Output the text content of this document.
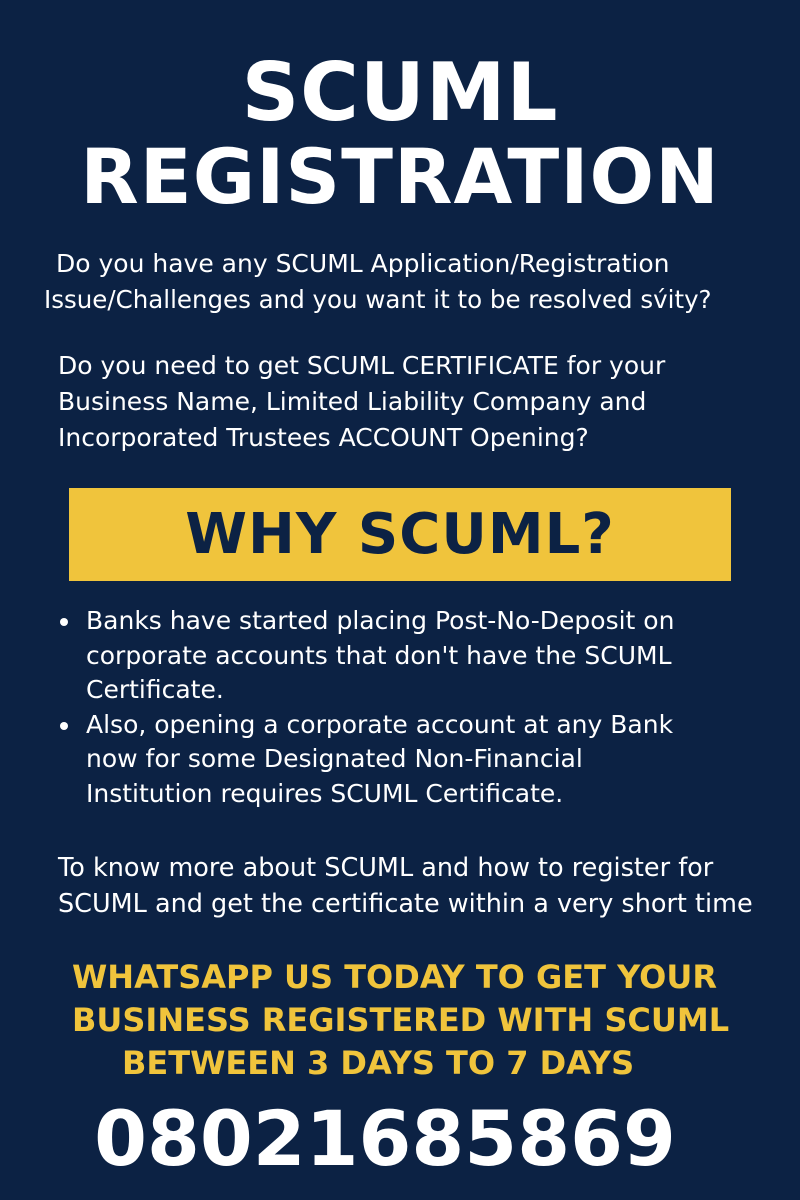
SCUML
REGISTRATION

Do you have any SCUML Application/Registration

Issue/Challenges and you want it to be resolved sv́ity?

Do you need to get SCUML CERTIFICATE for your
Business Name, Limited Liability Company and
Incorporated Trustees ACCOUNT Opening?
WHY SCUML?
Banks have started placing Post-No-Deposit on
corporate accounts that don't have the SCUML
Certificate.
Also, opening a corporate account at any Bank
now for some Designated Non-Financial
Institution requires SCUML Certificate.
To know more about SCUML and how to register for
SCUML and get the certificate within a very short time

WHATSAPP US TODAY TO GET YOUR

BUSINESS REGISTERED WITH SCUML

BETWEEN 3 DAYS TO 7 DAYS

08021685869
